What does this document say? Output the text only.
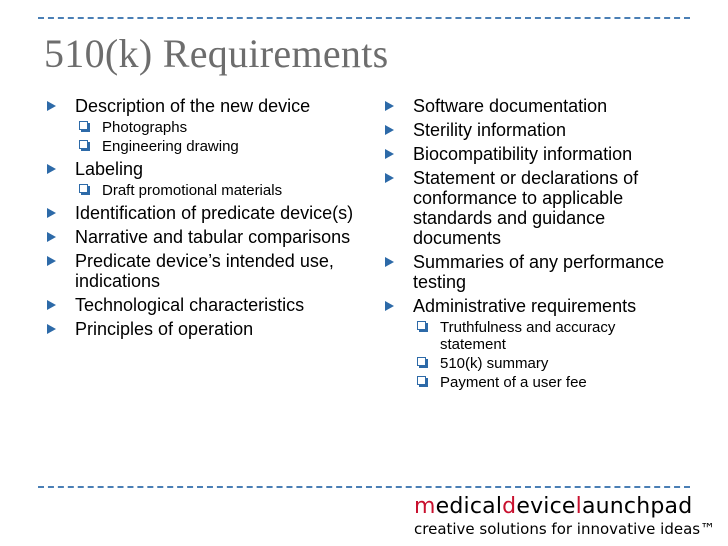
510(k) Requirements
Description of the new device
Photographs
Engineering drawing
Labeling
Draft promotional materials
Identification of predicate device(s)
Narrative and tabular comparisons
Predicate device’s intended use, indications
Technological characteristics
Principles of operation
Software documentation
Sterility information
Biocompatibility information
Statement or declarations of conformance to applicable standards and guidance documents
Summaries of any performance testing
Administrative requirements
Truthfulness and accuracy statement
510(k) summary
Payment of a user fee
medicaldevicelaunchpad
creative solutions for innovative ideas™
